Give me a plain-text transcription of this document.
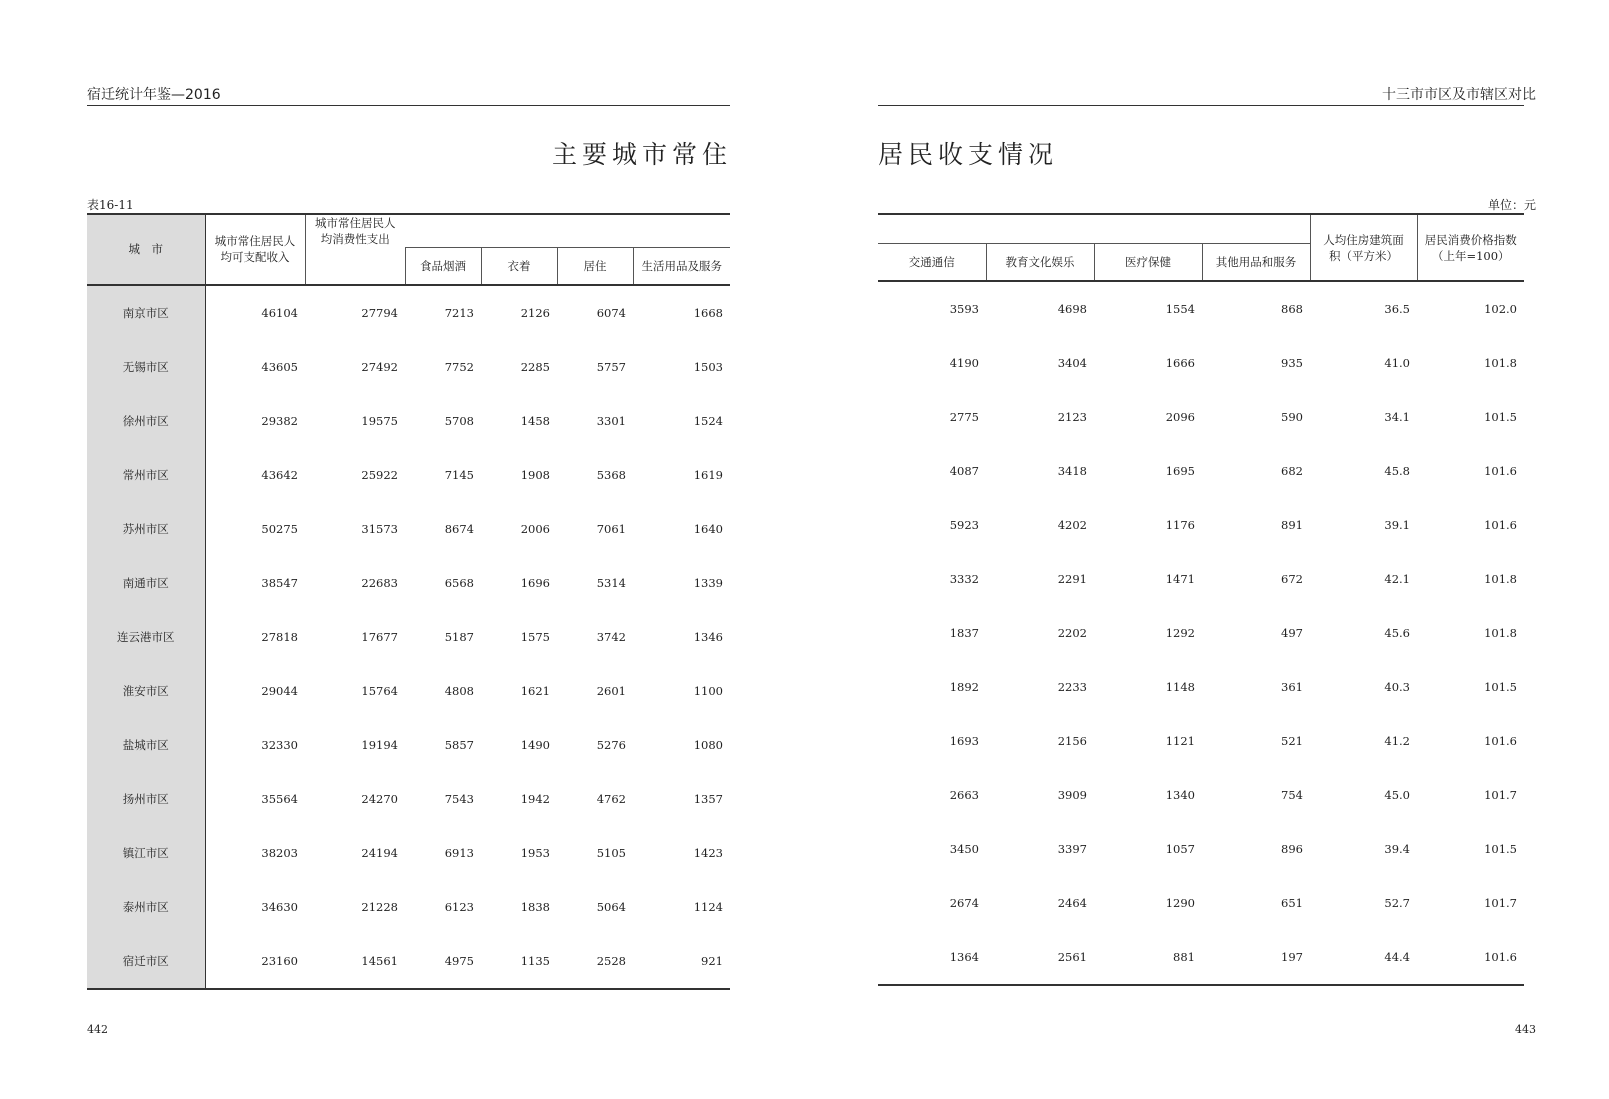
宿迁统计年鉴—2016
主要城市常住
表16-11
442
城　市	城市常住居民人均可支配收入	城市常住居民人均消费性支出				
			食品烟酒	衣着	居住	生活用品及服务
南京市区	46104	27794	7213	2126	6074	1668
无锡市区	43605	27492	7752	2285	5757	1503
徐州市区	29382	19575	5708	1458	3301	1524
常州市区	43642	25922	7145	1908	5368	1619
苏州市区	50275	31573	8674	2006	7061	1640
南通市区	38547	22683	6568	1696	5314	1339
连云港市区	27818	17677	5187	1575	3742	1346
淮安市区	29044	15764	4808	1621	2601	1100
盐城市区	32330	19194	5857	1490	5276	1080
扬州市区	35564	24270	7543	1942	4762	1357
镇江市区	38203	24194	6913	1953	5105	1423
泰州市区	34630	21228	6123	1838	5064	1124
宿迁市区	23160	14561	4975	1135	2528	921
十三市市区及市辖区对比
居民收支情况
单位：元
443
				人均住房建筑面积（平方米）	居民消费价格指数（上年=100）
交通通信	教育文化娱乐	医疗保健	其他用品和服务		
3593	4698	1554	868	36.5	102.0
4190	3404	1666	935	41.0	101.8
2775	2123	2096	590	34.1	101.5
4087	3418	1695	682	45.8	101.6
5923	4202	1176	891	39.1	101.6
3332	2291	1471	672	42.1	101.8
1837	2202	1292	497	45.6	101.8
1892	2233	1148	361	40.3	101.5
1693	2156	1121	521	41.2	101.6
2663	3909	1340	754	45.0	101.7
3450	3397	1057	896	39.4	101.5
2674	2464	1290	651	52.7	101.7
1364	2561	881	197	44.4	101.6
